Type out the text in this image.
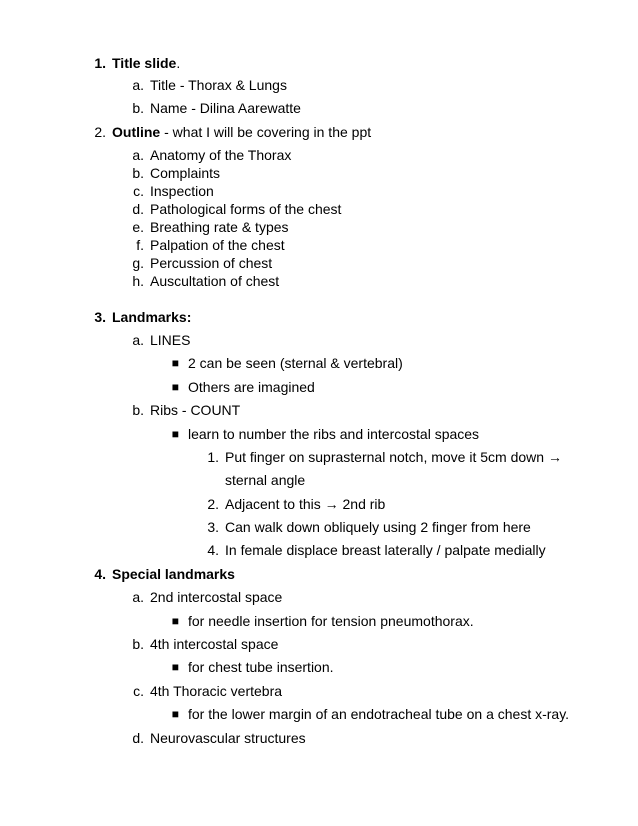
1. Title slide.
a. Title - Thorax & Lungs
b. Name - Dilina Aarewatte
2. Outline - what I will be covering in the ppt
a. Anatomy of the Thorax
b. Complaints
c. Inspection
d. Pathological forms of the chest
e. Breathing rate & types
f. Palpation of the chest
g. Percussion of chest
h. Auscultation of chest
3. Landmarks:
a. LINES
■ 2 can be seen (sternal & vertebral)
■ Others are imagined
b. Ribs - COUNT
■ learn to number the ribs and intercostal spaces
1. Put finger on suprasternal notch, move it 5cm down →
sternal angle
2. Adjacent to this → 2nd rib
3. Can walk down obliquely using 2 finger from here
4. In female displace breast laterally / palpate medially
4. Special landmarks
a. 2nd intercostal space
■ for needle insertion for tension pneumothorax.
b. 4th intercostal space
■ for chest tube insertion.
c. 4th Thoracic vertebra
■ for the lower margin of an endotracheal tube on a chest x-ray.
d. Neurovascular structures
